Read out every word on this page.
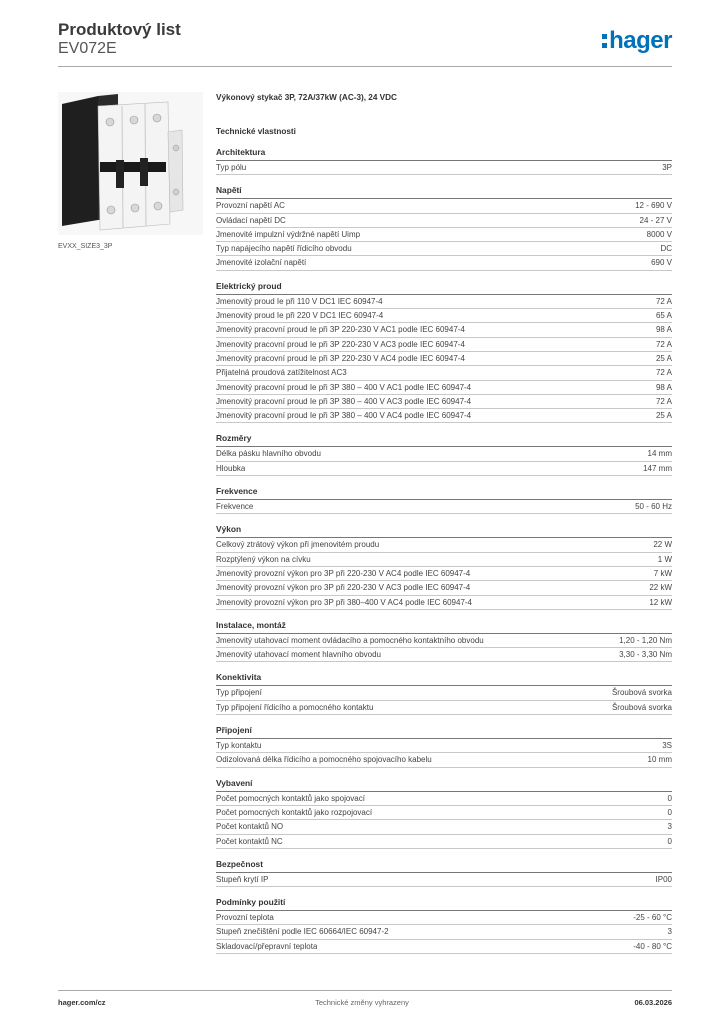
Produktový list
EV072E	hager
EVXX_SIZE3_3P
Výkonový stykač 3P, 72A/37kW (AC-3), 24 VDC
Technické vlastnosti
Architektura
Typ pólu	3P
Napětí
Provozní napětí AC	12 - 690 V
Ovládací napětí DC	24 - 27 V
Jmenovité impulzní výdržné napětí Uimp	8000 V
Typ napájecího napětí řídicího obvodu	DC
Jmenovité izolační napětí	690 V
Elektrický proud
Jmenovitý proud Ie při 110 V DC1 IEC 60947-4	72 A
Jmenovitý proud Ie při 220 V DC1 IEC 60947-4	65 A
Jmenovitý pracovní proud Ie při 3P 220-230 V AC1 podle IEC 60947-4	98 A
Jmenovitý pracovní proud Ie při 3P 220-230 V AC3 podle IEC 60947-4	72 A
Jmenovitý pracovní proud Ie při 3P 220-230 V AC4 podle IEC 60947-4	25 A
Přijatelná proudová zatížitelnost AC3	72 A
Jmenovitý pracovní proud Ie při 3P 380 – 400 V AC1 podle IEC 60947-4	98 A
Jmenovitý pracovní proud Ie při 3P 380 – 400 V AC3 podle IEC 60947-4	72 A
Jmenovitý pracovní proud Ie při 3P 380 – 400 V AC4 podle IEC 60947-4	25 A
Rozměry
Délka pásku hlavního obvodu	14 mm
Hloubka	147 mm
Frekvence
Frekvence	50 - 60 Hz
Výkon
Celkový ztrátový výkon při jmenovitém proudu	22 W
Rozptýlený výkon na cívku	1 W
Jmenovitý provozní výkon pro 3P při 220-230 V AC4 podle IEC 60947-4	7 kW
Jmenovitý provozní výkon pro 3P při 220-230 V AC3 podle IEC 60947-4	22 kW
Jmenovitý provozní výkon pro 3P při 380–400 V AC4 podle IEC 60947-4	12 kW
Instalace, montáž
Jmenovitý utahovací moment ovládacího a pomocného kontaktního obvodu	1,20 - 1,20 Nm
Jmenovitý utahovací moment hlavního obvodu	3,30 - 3,30 Nm
Konektivita
Typ připojení	Šroubová svorka
Typ připojení řídicího a pomocného kontaktu	Šroubová svorka
Připojení
Typ kontaktu	3S
Odizolovaná délka řídicího a pomocného spojovacího kabelu	10 mm
Vybavení
Počet pomocných kontaktů jako spojovací	0
Počet pomocných kontaktů jako rozpojovací	0
Počet kontaktů NO	3
Počet kontaktů NC	0
Bezpečnost
Stupeň krytí IP	IP00
Podmínky použití
Provozní teplota	-25 - 60 °C
Stupeň znečištění podle IEC 60664/IEC 60947-2	3
Skladovací/přepravní teplota	-40 - 80 °C
hager.com/cz	Technické změny vyhrazeny	06.03.2026
